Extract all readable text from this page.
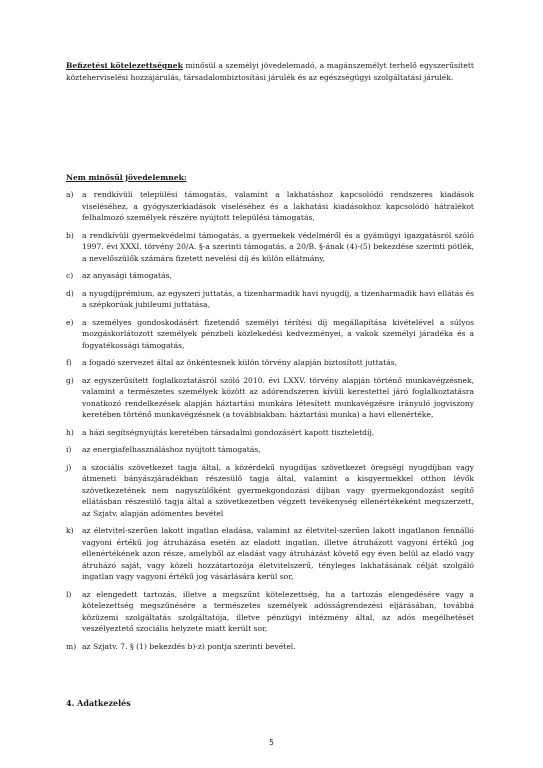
Befizetési kötelezettségnek minősül a személyi jövedelemadó, a magánszemélyt terhelő egyszerűsített közteherviselési hozzájárulás, társadalombiztosítási járulék és az egészségügyi szolgáltatási járulék.
Nem minősül jövedelemnek:
a)	a rendkívüli települési támogatás, valamint a lakhatáshoz kapcsolódó rendszeres kiadások viseléséhez, a gyógyszerkiadások viseléséhez és a lakhatási kiadásokhoz kapcsolódó hátralékot felhalmozó személyek részére nyújtott települési támogatás,
b)	a rendkívüli gyermekvédelmi támogatás, a gyermekek védelméről és a gyámügyi igazgatásról szóló 1997. évi XXXI. törvény 20/A. §-a szerinti támogatás, a 20/B. §-ának (4)-(5) bekezdése szerinti pótlék, a nevelőszülők számára fizetett nevelési díj és külön ellátmány,
c)	az anyasági támogatás,
d)	a nyugdíjprémium, az egyszeri juttatás, a tizenharmadik havi nyugdíj, a tizenharmadik havi ellátás és a szépkorúak jubileumi juttatása,
e)	a személyes gondoskodásért fizetendő személyi térítési díj megállapítása kivételével a súlyos mozgáskorlátozott személyek pénzbeli közlekedési kedvezményei, a vakok személyi járadéka és a fogyatékossági támogatás,
f)	a fogadó szervezet által az önkéntesnek külön törvény alapján biztosított juttatás,
g)	az egyszerűsített foglalkoztatásról szóló 2010. évi LXXV. törvény alapján történő munkavégzésnek, valamint a természetes személyek között az adórendszeren kívüli kerestettel járó foglalkoztatásra vonatkozó rendelkezések alapján háztartási munkára létesített munkavégzésre irányuló jogviszony keretében történő munkavégzésnek (a továbbiakban: háztartási munka) a havi ellenértéke,
h)	a házi segítségnyújtás keretében társadalmi gondozásért kapott tiszteletdíj,
i)	az energiafelhasználáshoz nyújtott támogatás,
j)	a szociális szövetkezet tagja által, a közérdekű nyugdíjas szövetkezet öregségi nyugdíjban vagy átmeneti bányászjáradékban részesülő tagja által, valamint a kisgyermekkel otthon lévők szövetkezetének nem nagyszülőként gyermekgondozási díjban vagy gyermekgondozást segítő ellátásban részesülő tagja által a szövetkezetben végzett tevékenység ellenértékeként megszerzett, az Szjatv. alapján adómentes bevétel
k)	az életvitel-szerűen lakott ingatlan eladása, valamint az életvitel-szerűen lakott ingatlanon fennálló vagyoni értékű jog átruházása esetén az eladott ingatlan, illetve átruházott vagyoni értékű jog ellenértékének azon része, amelyből az eladást vagy átruházást követő egy éven belül az eladó vagy átruházó saját, vagy közeli hozzátartozója életvitelszerű, tényleges lakhatásának célját szolgáló ingatlan vagy vagyoni értékű jog vásárlására kerül sor,
l)	az elengedett tartozás, illetve a megszűnt kötelezettség, ha a tartozás elengedésére vagy a kötelezettség megszűnésére a természetes személyek adósságrendezési eljárásában, továbbá közüzemi szolgáltatás szolgáltatója, illetve pénzügyi intézmény által, az adós megélhetését veszélyeztető szociális helyzete miatt került sor,
m) az Szjatv. 7. § (1) bekezdés b)-z) pontja szerinti bevétel.
4. Adatkezelés
5
